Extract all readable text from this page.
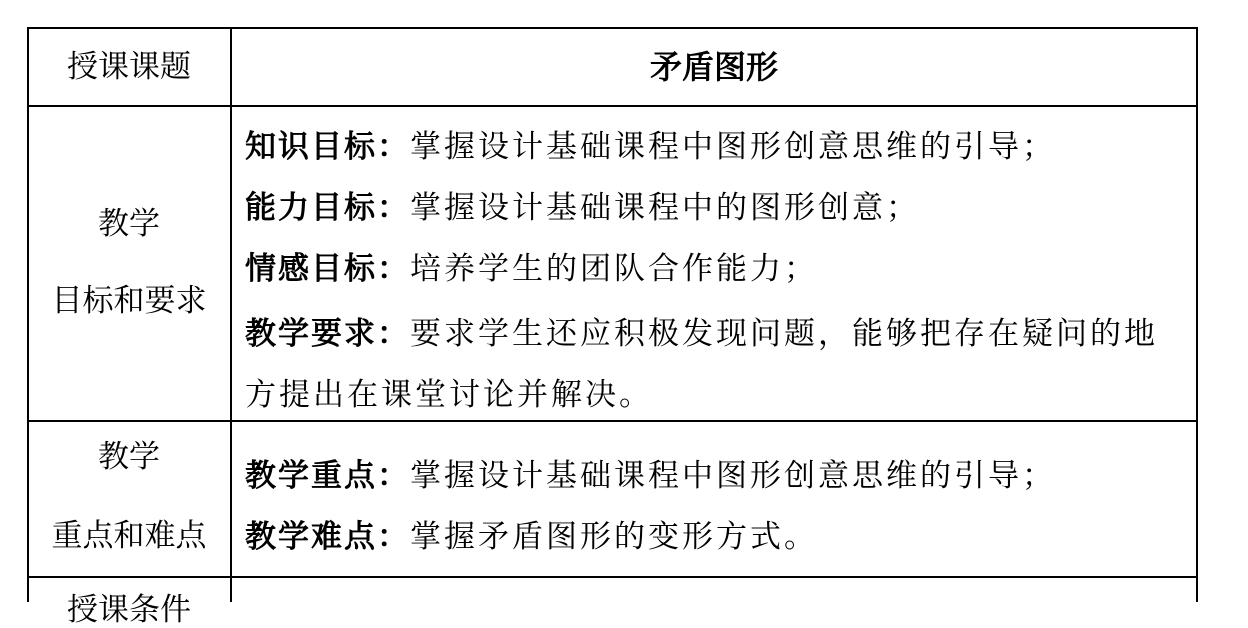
授课课题	矛盾图形
教学
目标和要求
知识目标：掌握设计基础课程中图形创意思维的引导；
能力目标：掌握设计基础课程中的图形创意；
情感目标：培养学生的团队合作能力；
教学要求：要求学生还应积极发现问题，能够把存在疑问的地
方提出在课堂讨论并解决。
教学
重点和难点
教学重点：掌握设计基础课程中图形创意思维的引导；
教学难点：掌握矛盾图形的变形方式。
授课条件
